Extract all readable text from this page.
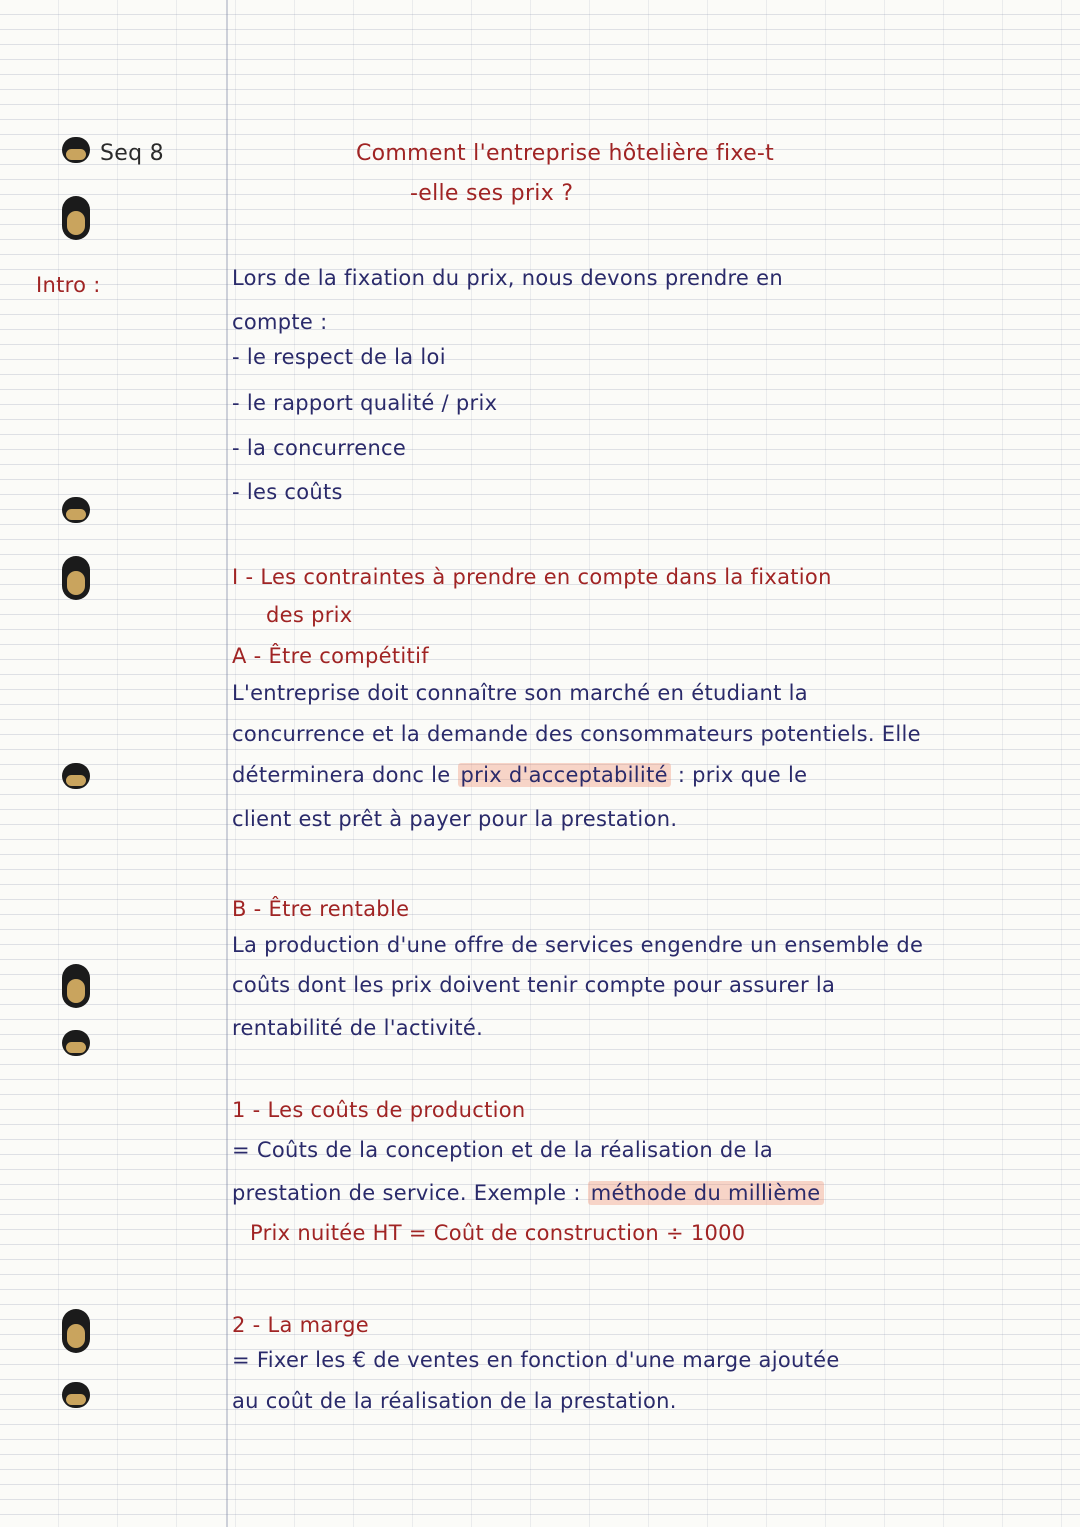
Seq 8	Comment l'entreprise hôtelière fixe-t
-elle ses prix ?
Intro :	Lors de la fixation du prix, nous devons prendre en
compte :
- le respect de la loi
- le rapport qualité / prix
- la concurrence
- les coûts
I - Les contraintes à prendre en compte dans la fixation
des prix
A - Être compétitif
L'entreprise doit connaître son marché en étudiant la
concurrence et la demande des consommateurs potentiels. Elle
déterminera donc le prix d'acceptabilité : prix que le
client est prêt à payer pour la prestation.
B - Être rentable
La production d'une offre de services engendre un ensemble de
coûts dont les prix doivent tenir compte pour assurer la
rentabilité de l'activité.
1 - Les coûts de production
= Coûts de la conception et de la réalisation de la
prestation de service. Exemple : méthode du millième
Prix nuitée HT = Coût de construction ÷ 1000
2 - La marge
= Fixer les € de ventes en fonction d'une marge ajoutée
au coût de la réalisation de la prestation.
